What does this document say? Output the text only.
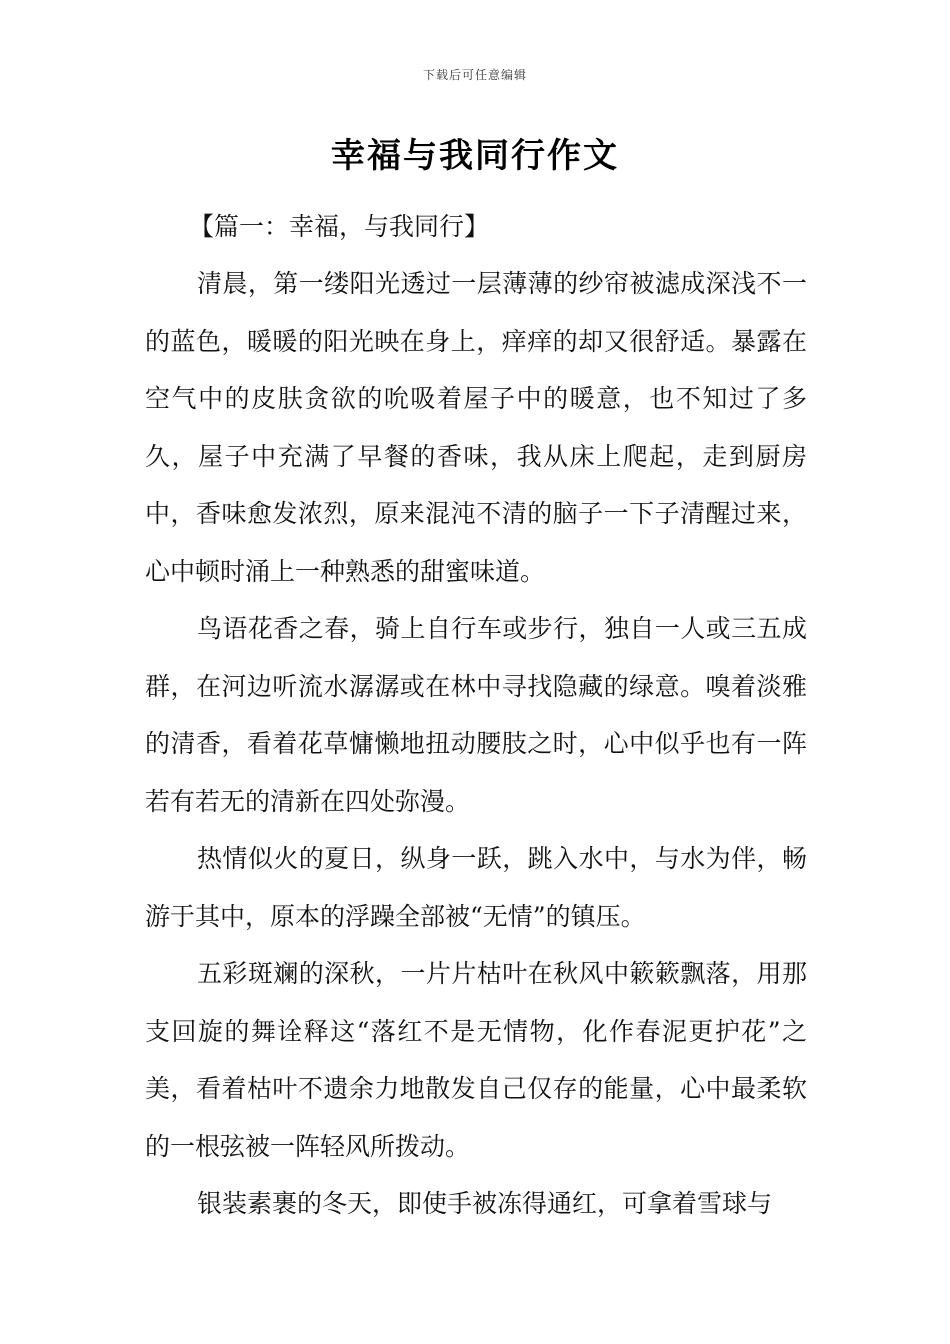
下载后可任意编辑
幸福与我同行作文

【篇一：幸福，与我同行】

清晨，第一缕阳光透过一层薄薄的纱帘被滤成深浅不一的蓝色，暖暖的阳光映在身上，痒痒的却又很舒适。暴露在空气中的皮肤贪欲的吮吸着屋子中的暖意，也不知过了多久，屋子中充满了早餐的香味，我从床上爬起，走到厨房中，香味愈发浓烈，原来混沌不清的脑子一下子清醒过来，心中顿时涌上一种熟悉的甜蜜味道。

鸟语花香之春，骑上自行车或步行，独自一人或三五成群，在河边听流水潺潺或在林中寻找隐藏的绿意。嗅着淡雅的清香，看着花草慵懒地扭动腰肢之时，心中似乎也有一阵若有若无的清新在四处弥漫。

热情似火的夏日，纵身一跃，跳入水中，与水为伴，畅游于其中，原本的浮躁全部被“无情”的镇压。

五彩斑斓的深秋，一片片枯叶在秋风中簌簌飘落，用那支回旋的舞诠释这“落红不是无情物，化作春泥更护花”之美，看着枯叶不遗余力地散发自己仅存的能量，心中最柔软的一根弦被一阵轻风所拨动。

银装素裹的冬天，即使手被冻得通红，可拿着雪球与
